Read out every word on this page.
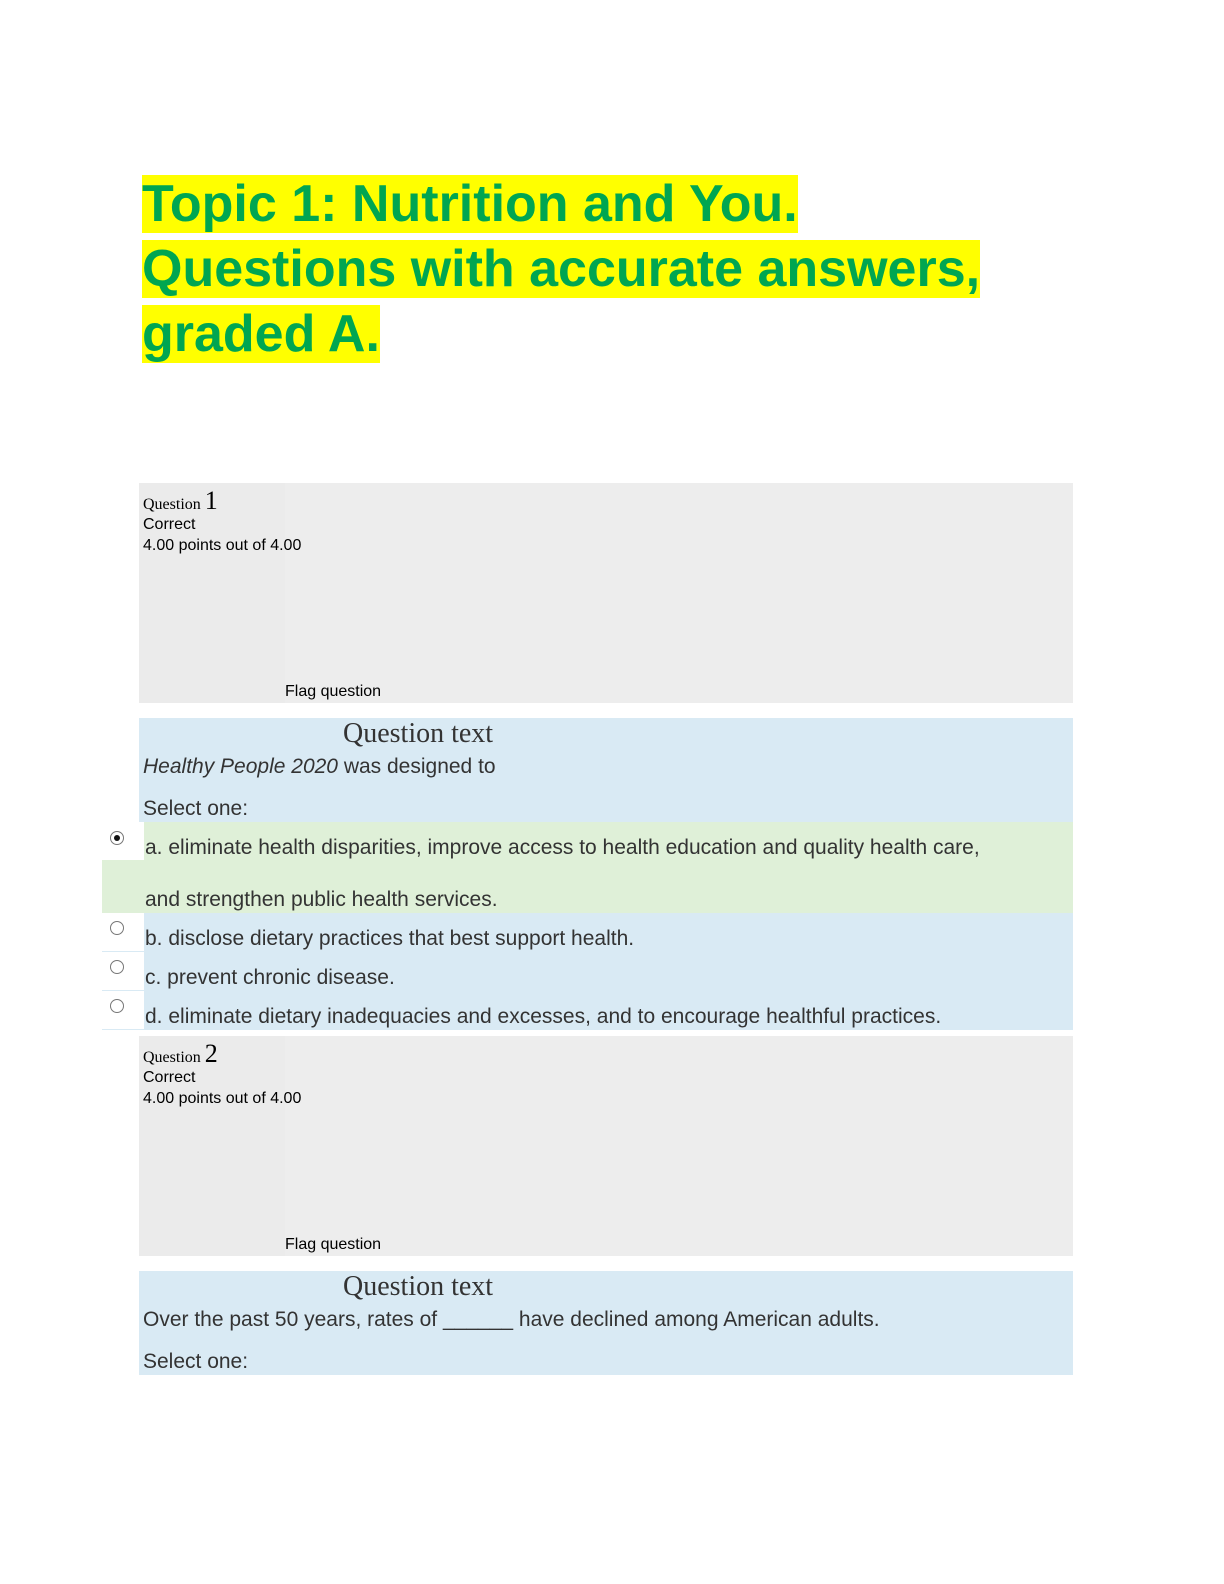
Topic 1: Nutrition and You.
Questions with accurate answers,
graded A.
Question 1
Correct
4.00 points out of 4.00
Flag question
Question text
Healthy People 2020 was designed to
Select one:
a. eliminate health disparities, improve access to health education and quality health care,
and strengthen public health services.
b. disclose dietary practices that best support health.
c. prevent chronic disease.
d. eliminate dietary inadequacies and excesses, and to encourage healthful practices.
Question 2
Correct
4.00 points out of 4.00
Flag question
Question text
Over the past 50 years, rates of ______ have declined among American adults.
Select one:
